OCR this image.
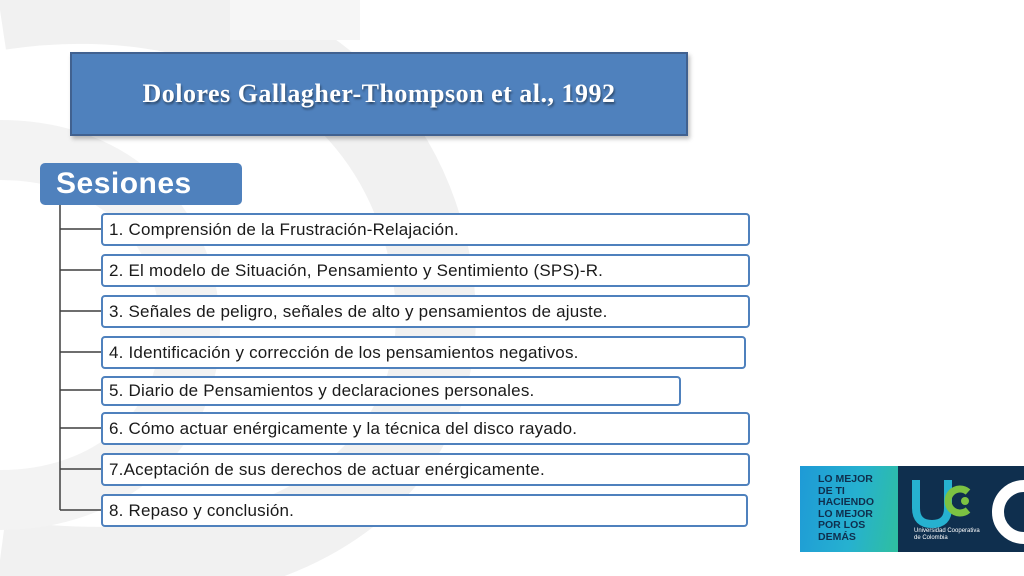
Dolores Gallagher-Thompson et al., 1992
Sesiones
1. Comprensión de la Frustración-Relajación.
2. El modelo de Situación, Pensamiento y Sentimiento (SPS)-R.
3. Señales de peligro, señales de alto y pensamientos de ajuste.
4. Identificación y corrección de los pensamientos negativos.
5. Diario de Pensamientos y declaraciones personales.
6. Cómo actuar enérgicamente y la técnica del disco rayado.
7.Aceptación de sus derechos de actuar enérgicamente.
8. Repaso y conclusión.
LO MEJOR
DE TI
HACIENDO
LO MEJOR
POR LOS
DEMÁS	Universidad Cooperativa
de Colombia
